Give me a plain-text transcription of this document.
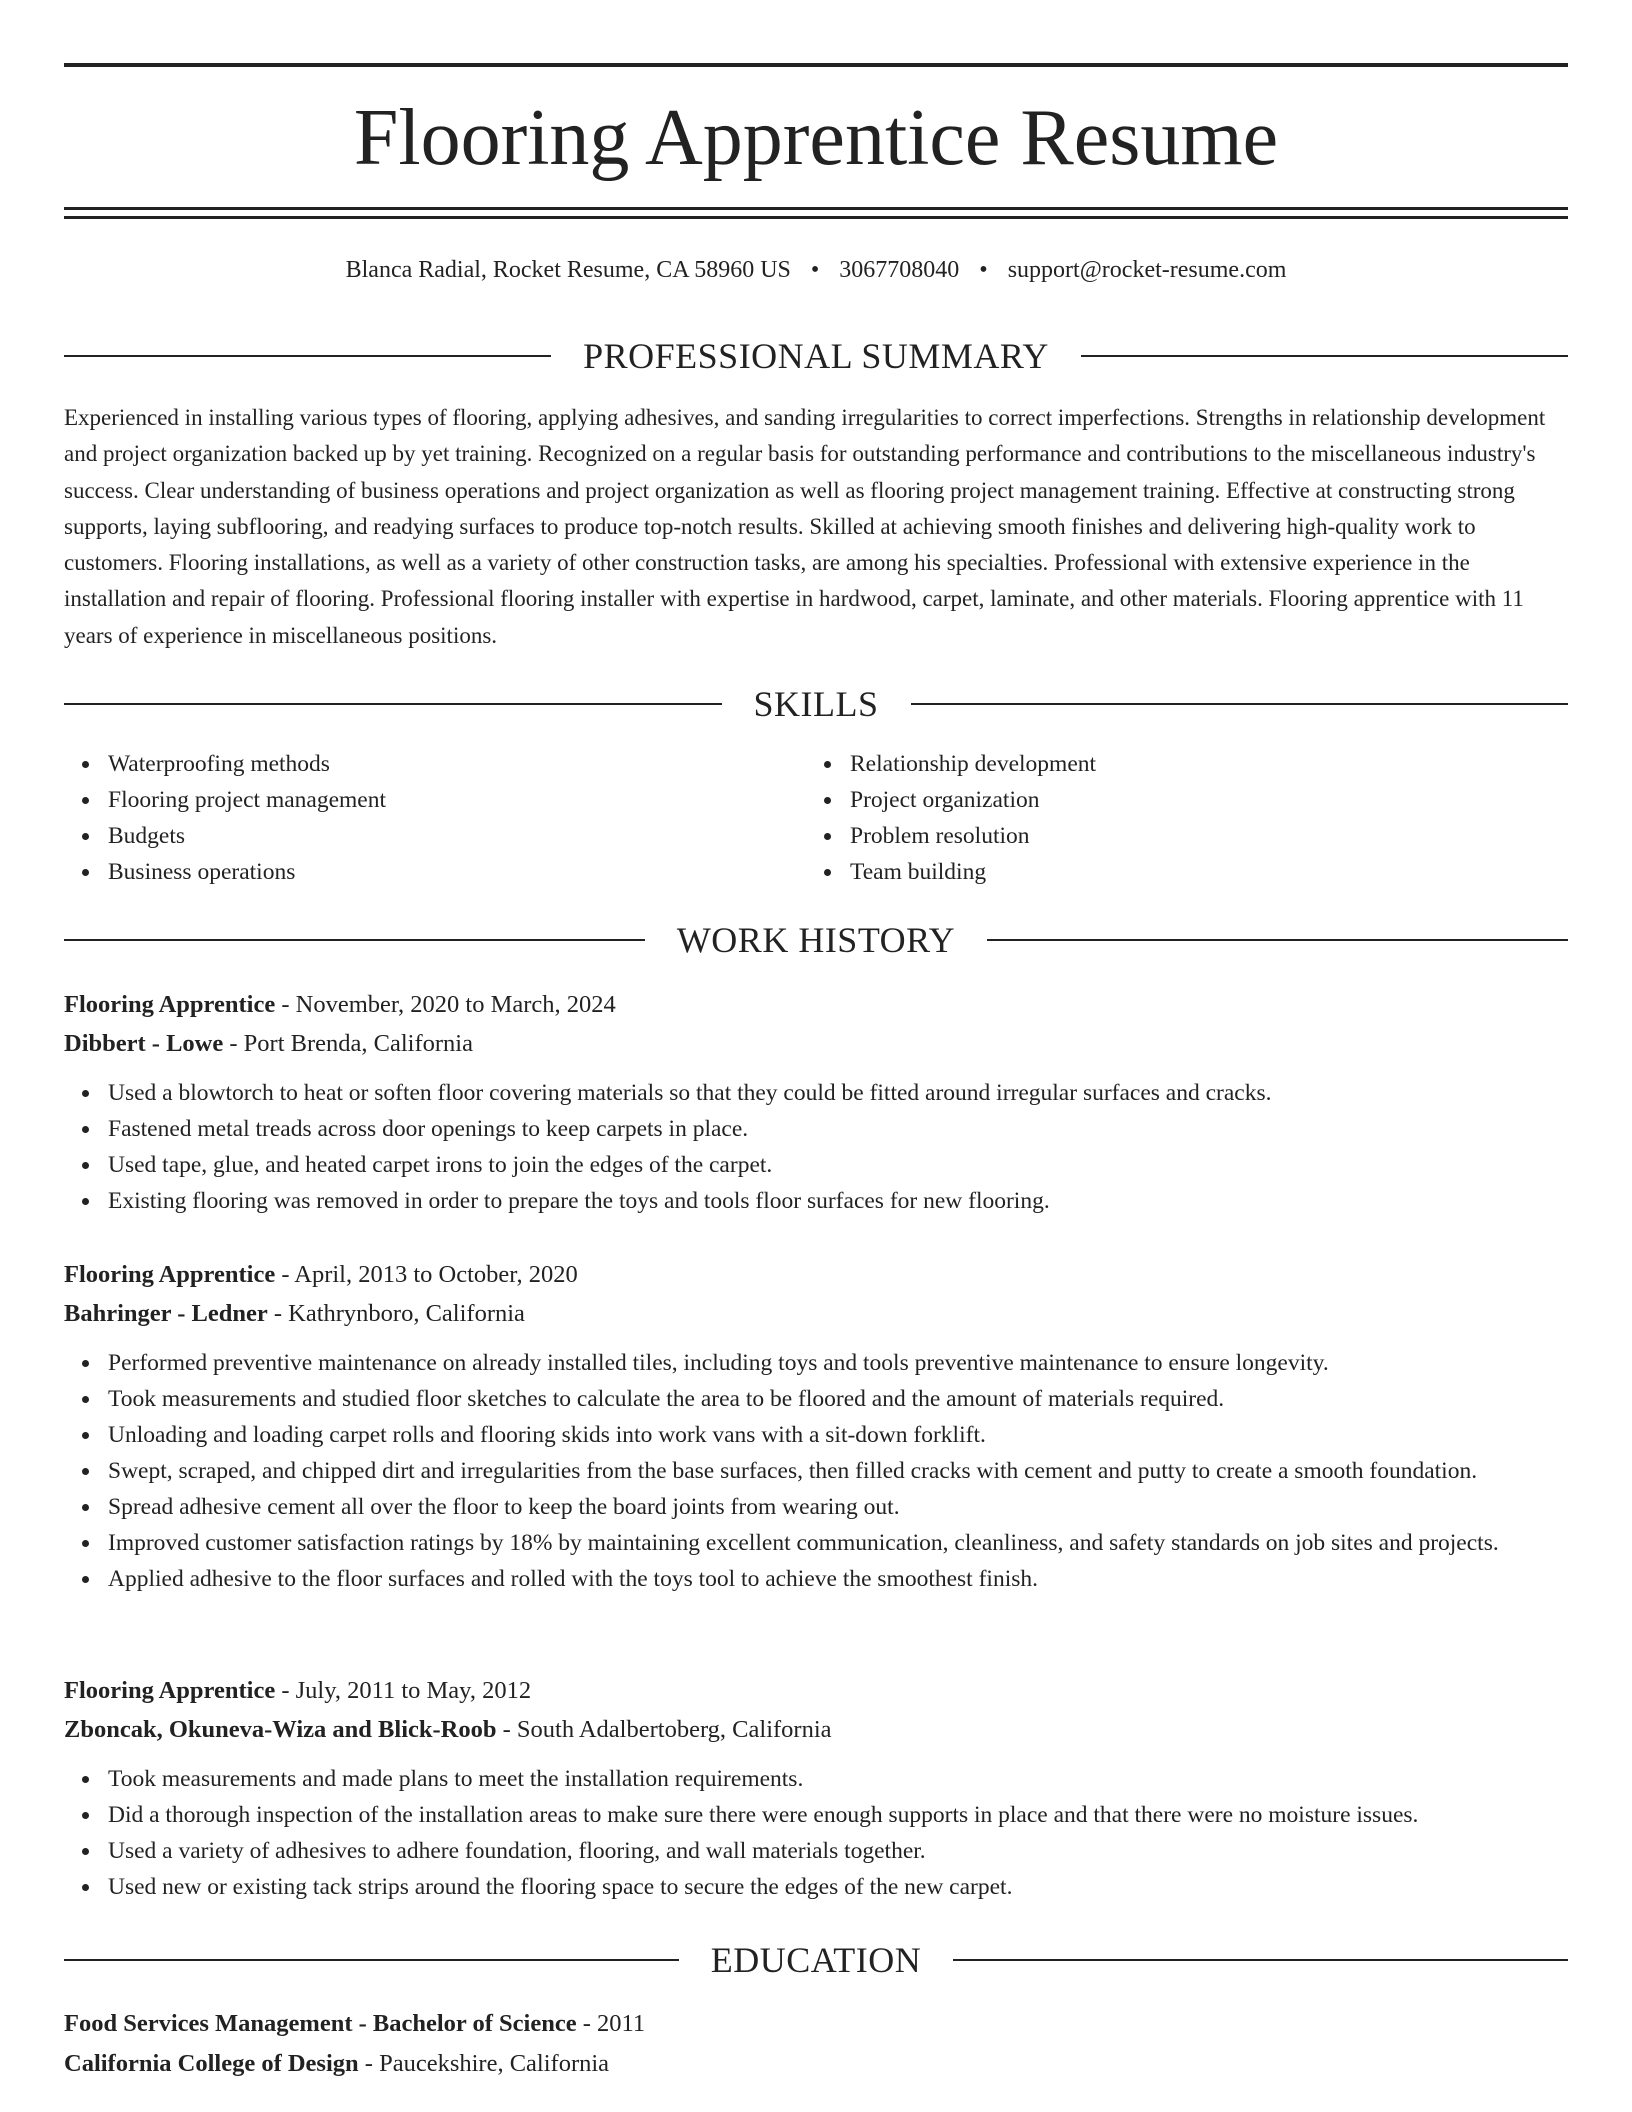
Flooring Apprentice Resume
Blanca Radial, Rocket Resume, CA 58960 US • 3067708040 • support@rocket-resume.com
PROFESSIONAL SUMMARY

Experienced in installing various types of flooring, applying adhesives, and sanding irregularities to correct imperfections. Strengths in relationship development and project organization backed up by yet training. Recognized on a regular basis for outstanding performance and contributions to the miscellaneous industry's success. Clear understanding of business operations and project organization as well as flooring project management training. Effective at constructing strong supports, laying subflooring, and readying surfaces to produce top-notch results. Skilled at achieving smooth finishes and delivering high-quality work to customers. Flooring installations, as well as a variety of other construction tasks, are among his specialties. Professional with extensive experience in the installation and repair of flooring. Professional flooring installer with expertise in hardwood, carpet, laminate, and other materials. Flooring apprentice with 11 years of experience in miscellaneous positions.

SKILLS
Waterproofing methods
Flooring project management
Budgets
Business operations
Relationship development
Project organization
Problem resolution
Team building
WORK HISTORY
Flooring Apprentice - November, 2020 to March, 2024
Dibbert - Lowe - Port Brenda, California
Used a blowtorch to heat or soften floor covering materials so that they could be fitted around irregular surfaces and cracks.
Fastened metal treads across door openings to keep carpets in place.
Used tape, glue, and heated carpet irons to join the edges of the carpet.
Existing flooring was removed in order to prepare the toys and tools floor surfaces for new flooring.
Flooring Apprentice - April, 2013 to October, 2020
Bahringer - Ledner - Kathrynboro, California
Performed preventive maintenance on already installed tiles, including toys and tools preventive maintenance to ensure longevity.
Took measurements and studied floor sketches to calculate the area to be floored and the amount of materials required.
Unloading and loading carpet rolls and flooring skids into work vans with a sit-down forklift.
Swept, scraped, and chipped dirt and irregularities from the base surfaces, then filled cracks with cement and putty to create a smooth foundation.
Spread adhesive cement all over the floor to keep the board joints from wearing out.
Improved customer satisfaction ratings by 18% by maintaining excellent communication, cleanliness, and safety standards on job sites and projects.
Applied adhesive to the floor surfaces and rolled with the toys tool to achieve the smoothest finish.
Flooring Apprentice - July, 2011 to May, 2012
Zboncak, Okuneva-Wiza and Blick-Roob - South Adalbertoberg, California
Took measurements and made plans to meet the installation requirements.
Did a thorough inspection of the installation areas to make sure there were enough supports in place and that there were no moisture issues.
Used a variety of adhesives to adhere foundation, flooring, and wall materials together.
Used new or existing tack strips around the flooring space to secure the edges of the new carpet.
EDUCATION
Food Services Management - Bachelor of Science - 2011
California College of Design - Paucekshire, California
